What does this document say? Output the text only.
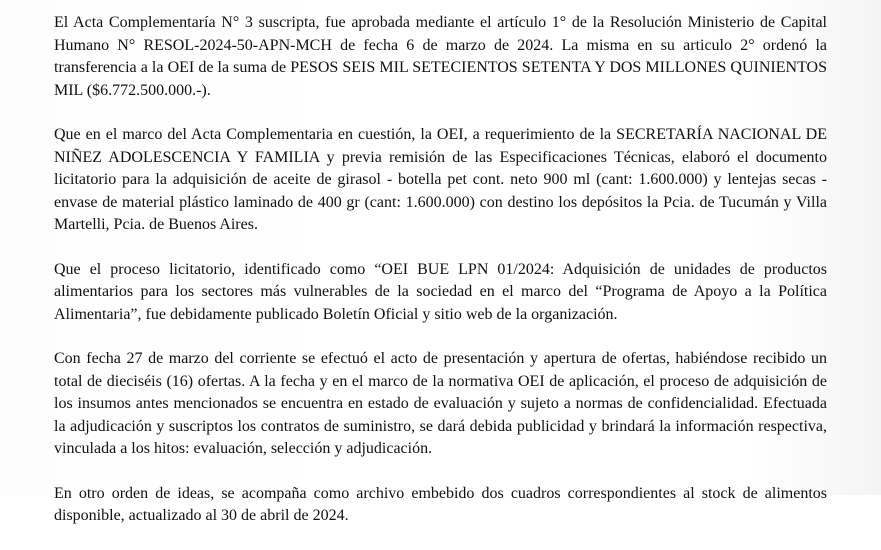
El Acta Complementaría N° 3 suscripta, fue aprobada mediante el artículo 1° de la Resolución Ministerio de Capital Humano N° RESOL-2024-50-APN-MCH de fecha 6 de marzo de 2024. La misma en su articulo 2° ordenó la transferencia a la OEI de la suma de PESOS SEIS MIL SETECIENTOS SETENTA Y DOS MILLONES QUINIENTOS MIL ($6.772.500.000.-).

Que en el marco del Acta Complementaria en cuestión, la OEI, a requerimiento de la SECRETARÍA NACIONAL DE NIÑEZ ADOLESCENCIA Y FAMILIA y previa remisión de las Especificaciones Técnicas, elaboró el documento licitatorio para la adquisición de aceite de girasol - botella pet cont. neto 900 ml (cant: 1.600.000) y lentejas secas - envase de material plástico laminado de 400 gr (cant: 1.600.000) con destino los depósitos la Pcia. de Tucumán y Villa Martelli, Pcia. de Buenos Aires.

Que el proceso licitatorio, identificado como “OEI BUE LPN 01/2024: Adquisición de unidades de productos alimentarios para los sectores más vulnerables de la sociedad en el marco del “Programa de Apoyo a la Política Alimentaria”, fue debidamente publicado Boletín Oficial y sitio web de la organización.

Con fecha 27 de marzo del corriente se efectuó el acto de presentación y apertura de ofertas, habiéndose recibido un total de dieciséis (16) ofertas. A la fecha y en el marco de la normativa OEI de aplicación, el proceso de adquisición de los insumos antes mencionados se encuentra en estado de evaluación y sujeto a normas de confidencialidad. Efectuada la adjudicación y suscriptos los contratos de suministro, se dará debida publicidad y brindará la información respectiva, vinculada a los hitos: evaluación, selección y adjudicación.

En otro orden de ideas, se acompaña como archivo embebido dos cuadros correspondientes al stock de alimentos disponible, actualizado al 30 de abril de 2024.
